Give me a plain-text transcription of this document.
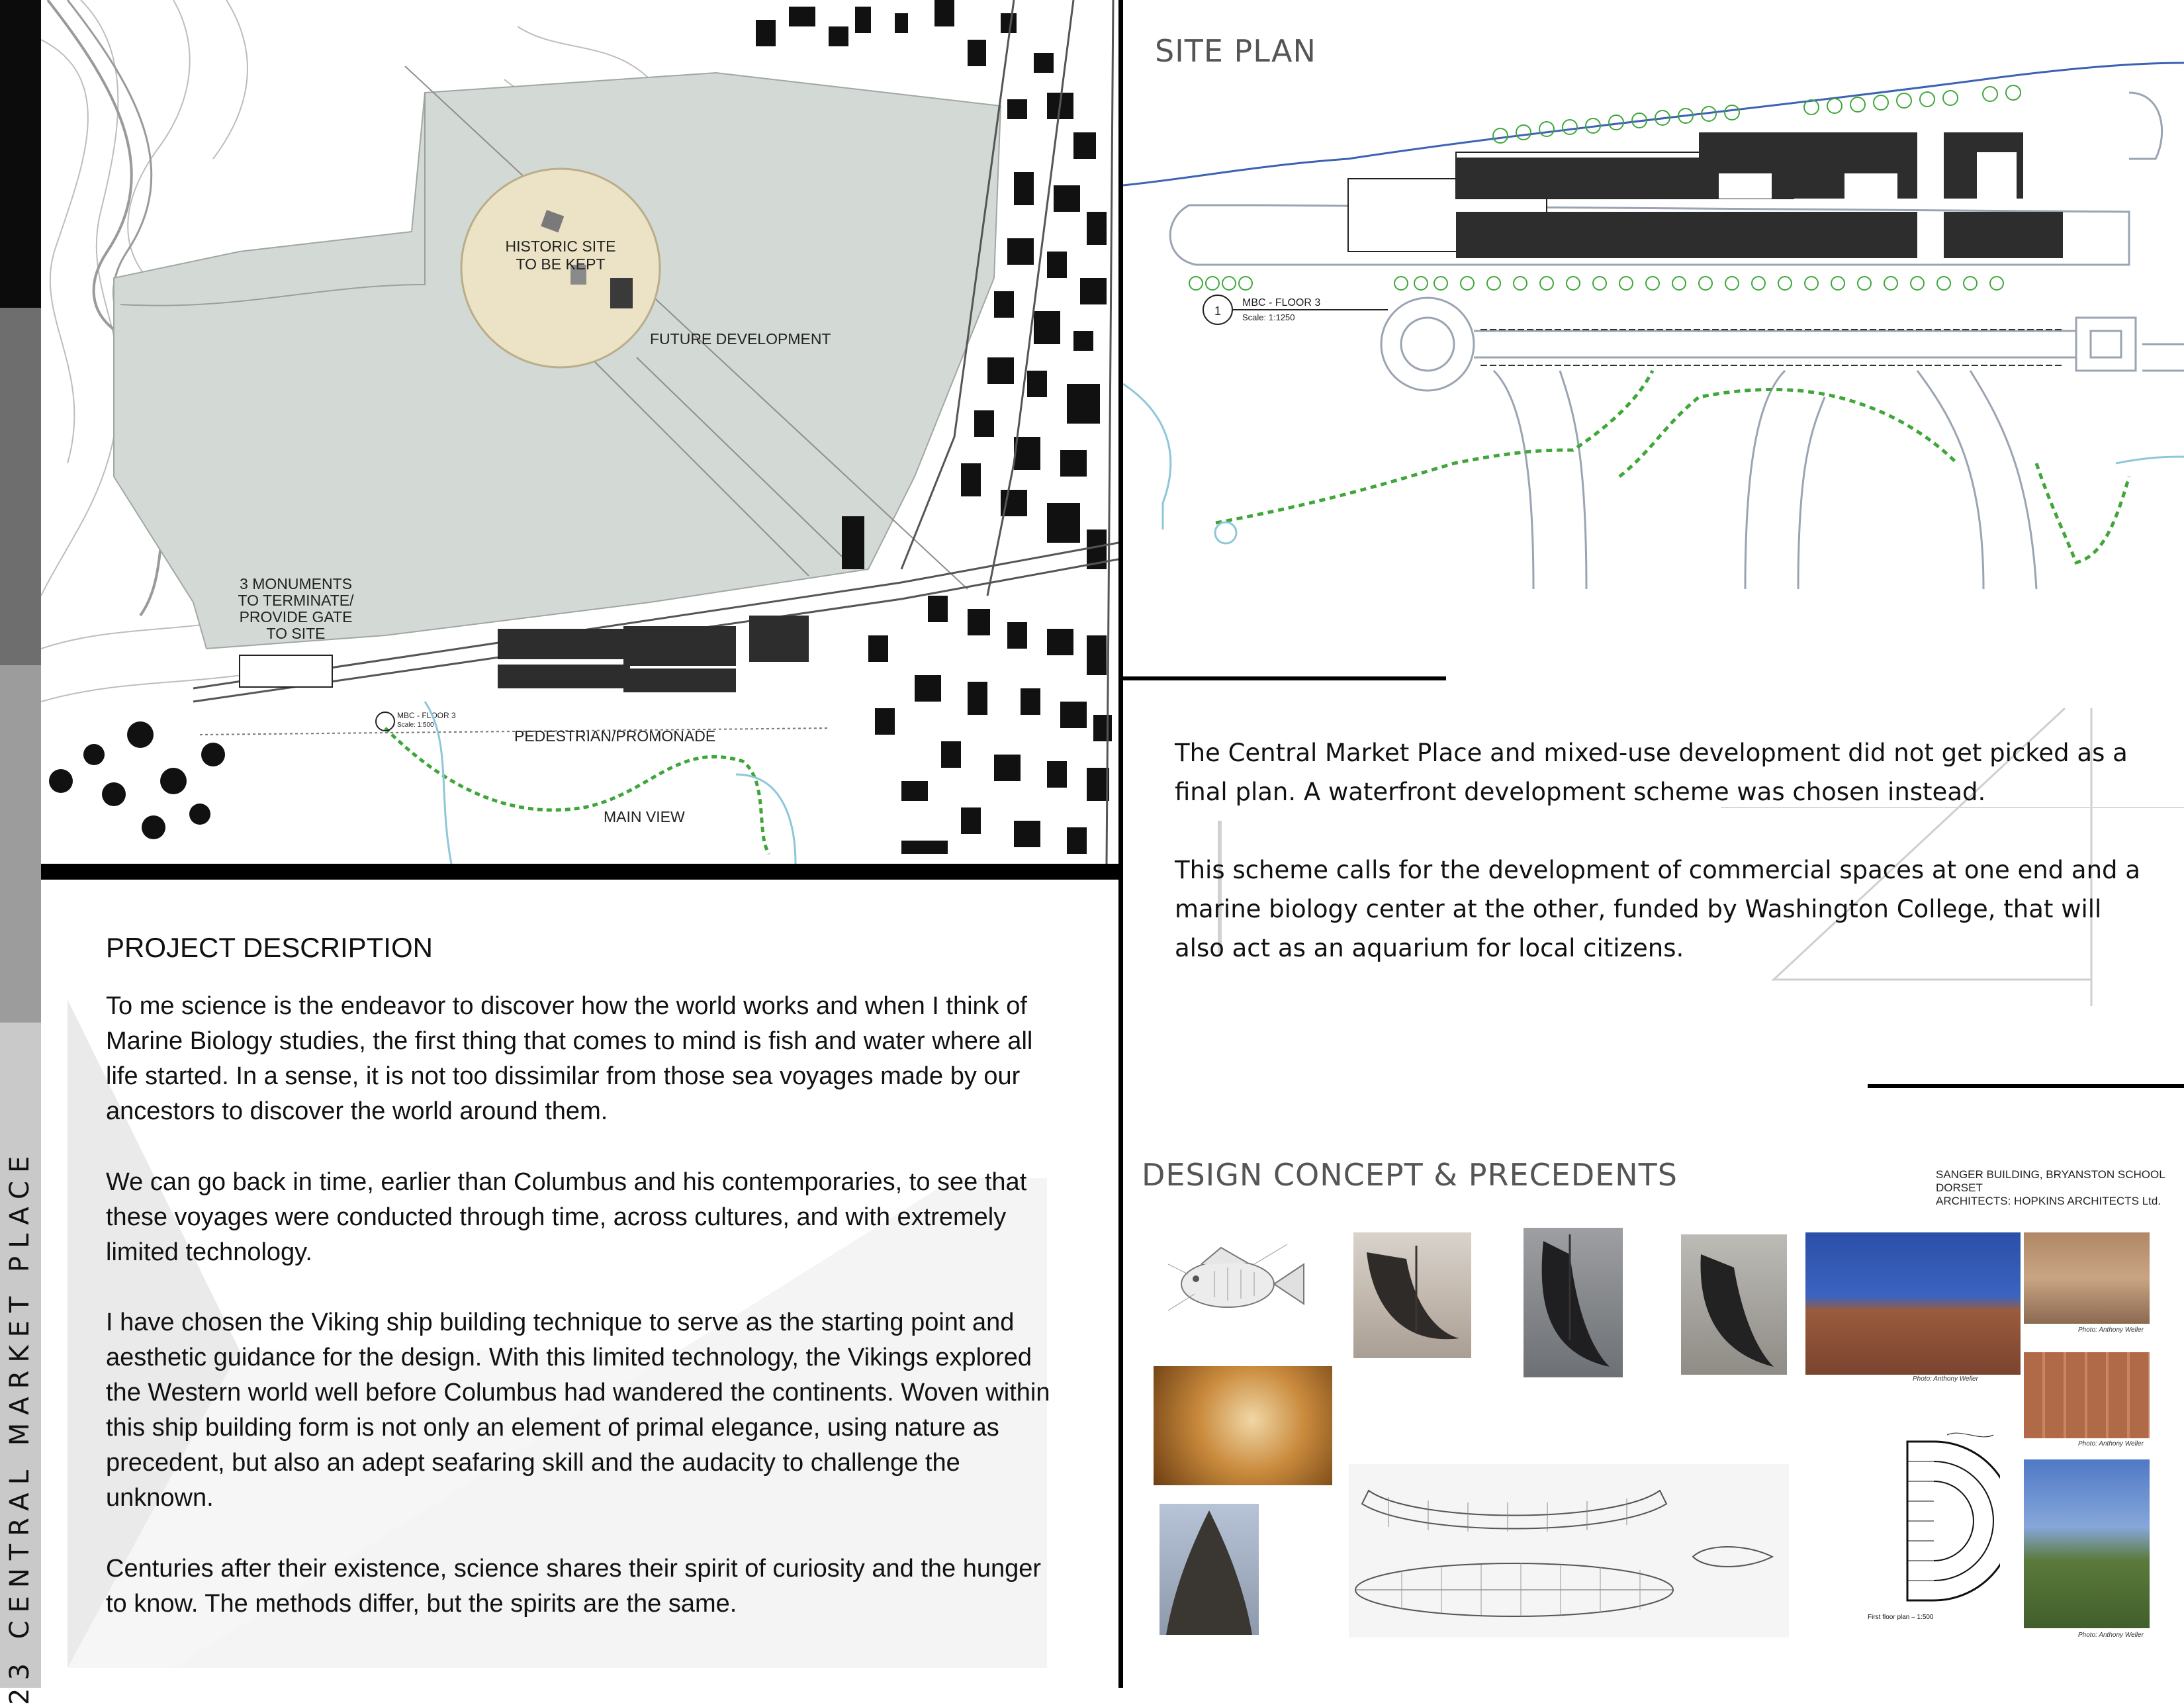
23 CENTRAL MARKET PLACE
HISTORIC SITE
TO BE KEPT
FUTURE DEVELOPMENT
3 MONUMENTS
TO TERMINATE/
PROVIDE GATE
TO SITE
PEDESTRIAN/PROMONADE
MAIN VIEW
MBC - FLOOR 3
Scale: 1:500
SITE PLAN
1
MBC - FLOOR 3
Scale: 1:1250
The Central Market Place and mixed-use development did not get picked as a final plan. A waterfront development scheme was chosen instead.
This scheme calls for the development of commercial spaces at one end and a marine biology center at the other, funded by Washington College, that will also act as an aquarium for local citizens.
PROJECT DESCRIPTION
To me science is the endeavor to discover how the world works and when I think of Marine Biology studies, the first thing that comes to mind is fish and water where all life started. In a sense, it is not too dissimilar from those sea voyages made by our ancestors to discover the world around them.
We can go back in time, earlier than Columbus and his contemporaries, to see that these voyages were conducted through time, across cultures, and with extremely limited technology.
I have chosen the Viking ship building technique to serve as the starting point and aesthetic guidance for the design. With this limited technology, the Vikings explored the Western world well before Columbus had wandered the continents. Woven within this ship building form is not only an element of primal elegance, using nature as precedent, but also an adept seafaring skill and the audacity to challenge the unknown.
Centuries after their existence, science shares their spirit of curiosity and the hunger to know. The methods differ, but the spirits are the same.
DESIGN CONCEPT & PRECEDENTS	SANGER BUILDING, BRYANSTON SCHOOL
DORSET
ARCHITECTS: HOPKINS ARCHITECTS Ltd.
Photo: Anthony Weller
Photo: Anthony Weller
Photo: Anthony Weller
Photo: Anthony Weller
First floor plan – 1:500
